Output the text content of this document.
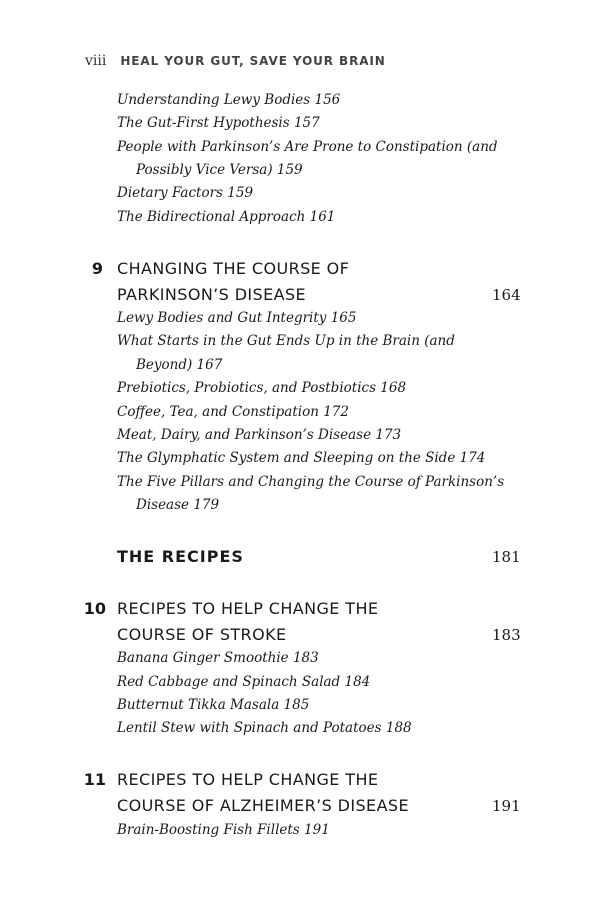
viii HEAL YOUR GUT, SAVE YOUR BRAIN
Understanding Lewy Bodies 156
The Gut-First Hypothesis 157
People with Parkinson’s Are Prone to Constipation (and
Possibly Vice Versa) 159
Dietary Factors 159
The Bidirectional Approach 161
9 CHANGING THE COURSE OF
PARKINSON’S DISEASE	164
Lewy Bodies and Gut Integrity 165
What Starts in the Gut Ends Up in the Brain (and
Beyond) 167
Prebiotics, Probiotics, and Postbiotics 168
Coffee, Tea, and Constipation 172
Meat, Dairy, and Parkinson’s Disease 173
The Glymphatic System and Sleeping on the Side 174
The Five Pillars and Changing the Course of Parkinson’s
Disease 179
THE RECIPES	181
10 RECIPES TO HELP CHANGE THE
COURSE OF STROKE	183
Banana Ginger Smoothie 183
Red Cabbage and Spinach Salad 184
Butternut Tikka Masala 185
Lentil Stew with Spinach and Potatoes 188
11 RECIPES TO HELP CHANGE THE
COURSE OF ALZHEIMER’S DISEASE	191
Brain-Boosting Fish Fillets 191
